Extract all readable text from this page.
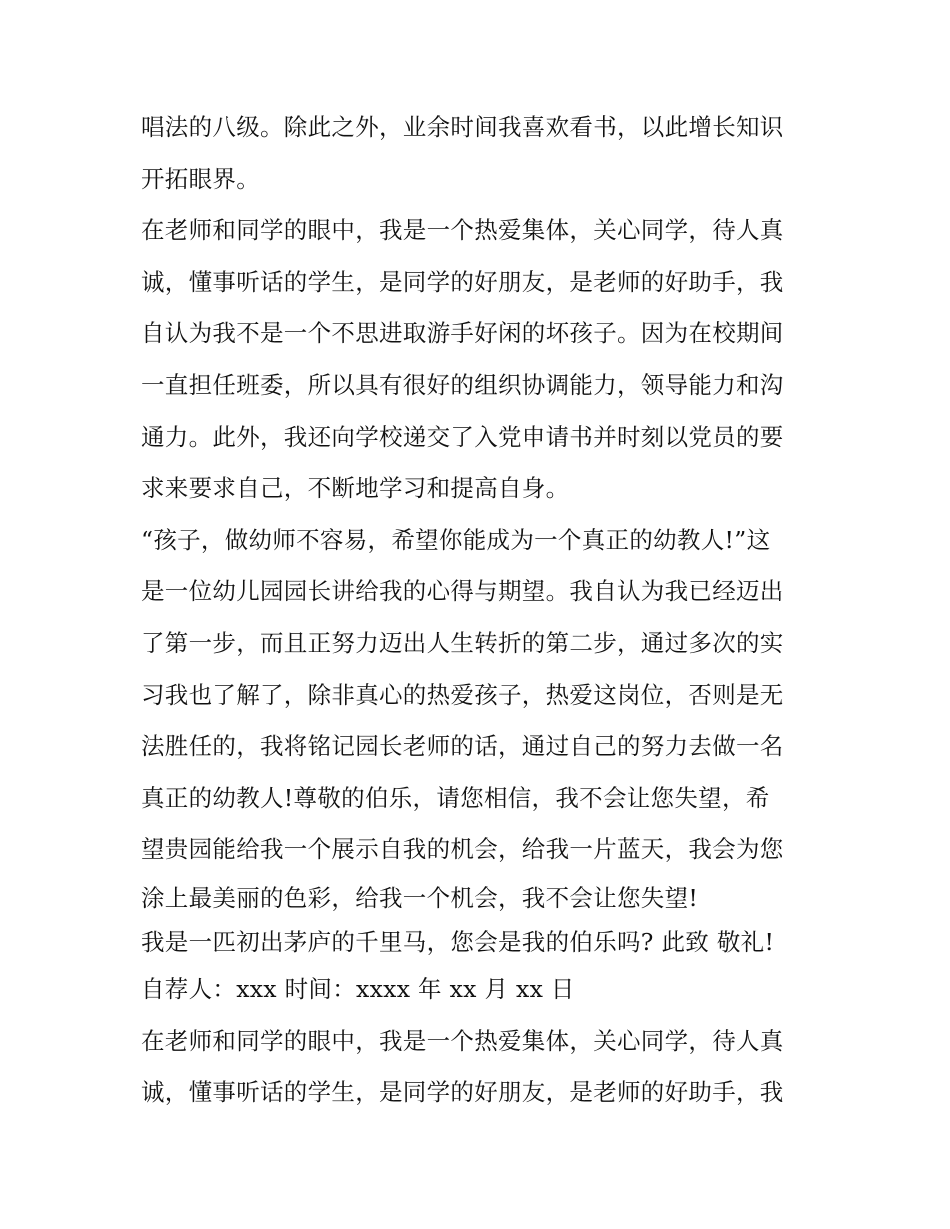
唱法的八级。除此之外，业余时间我喜欢看书，以此增长知识
开拓眼界。
在老师和同学的眼中，我是一个热爱集体，关心同学，待人真
诚，懂事听话的学生，是同学的好朋友，是老师的好助手，我
自认为我不是一个不思进取游手好闲的坏孩子。因为在校期间
一直担任班委，所以具有很好的组织协调能力，领导能力和沟
通力。此外，我还向学校递交了入党申请书并时刻以党员的要
求来要求自己，不断地学习和提高自身。
“孩子，做幼师不容易，希望你能成为一个真正的幼教人!”这
是一位幼儿园园长讲给我的心得与期望。我自认为我已经迈出
了第一步，而且正努力迈出人生转折的第二步，通过多次的实
习我也了解了，除非真心的热爱孩子，热爱这岗位，否则是无
法胜任的，我将铭记园长老师的话，通过自己的努力去做一名
真正的幼教人!尊敬的伯乐，请您相信，我不会让您失望，希
望贵园能给我一个展示自我的机会，给我一片蓝天，我会为您
涂上最美丽的色彩，给我一个机会，我不会让您失望!
我是一匹初出茅庐的千里马，您会是我的伯乐吗? 此致 敬礼!
自荐人：xxx 时间：xxxx 年 xx 月 xx 日
在老师和同学的眼中，我是一个热爱集体，关心同学，待人真
诚，懂事听话的学生，是同学的好朋友，是老师的好助手，我
